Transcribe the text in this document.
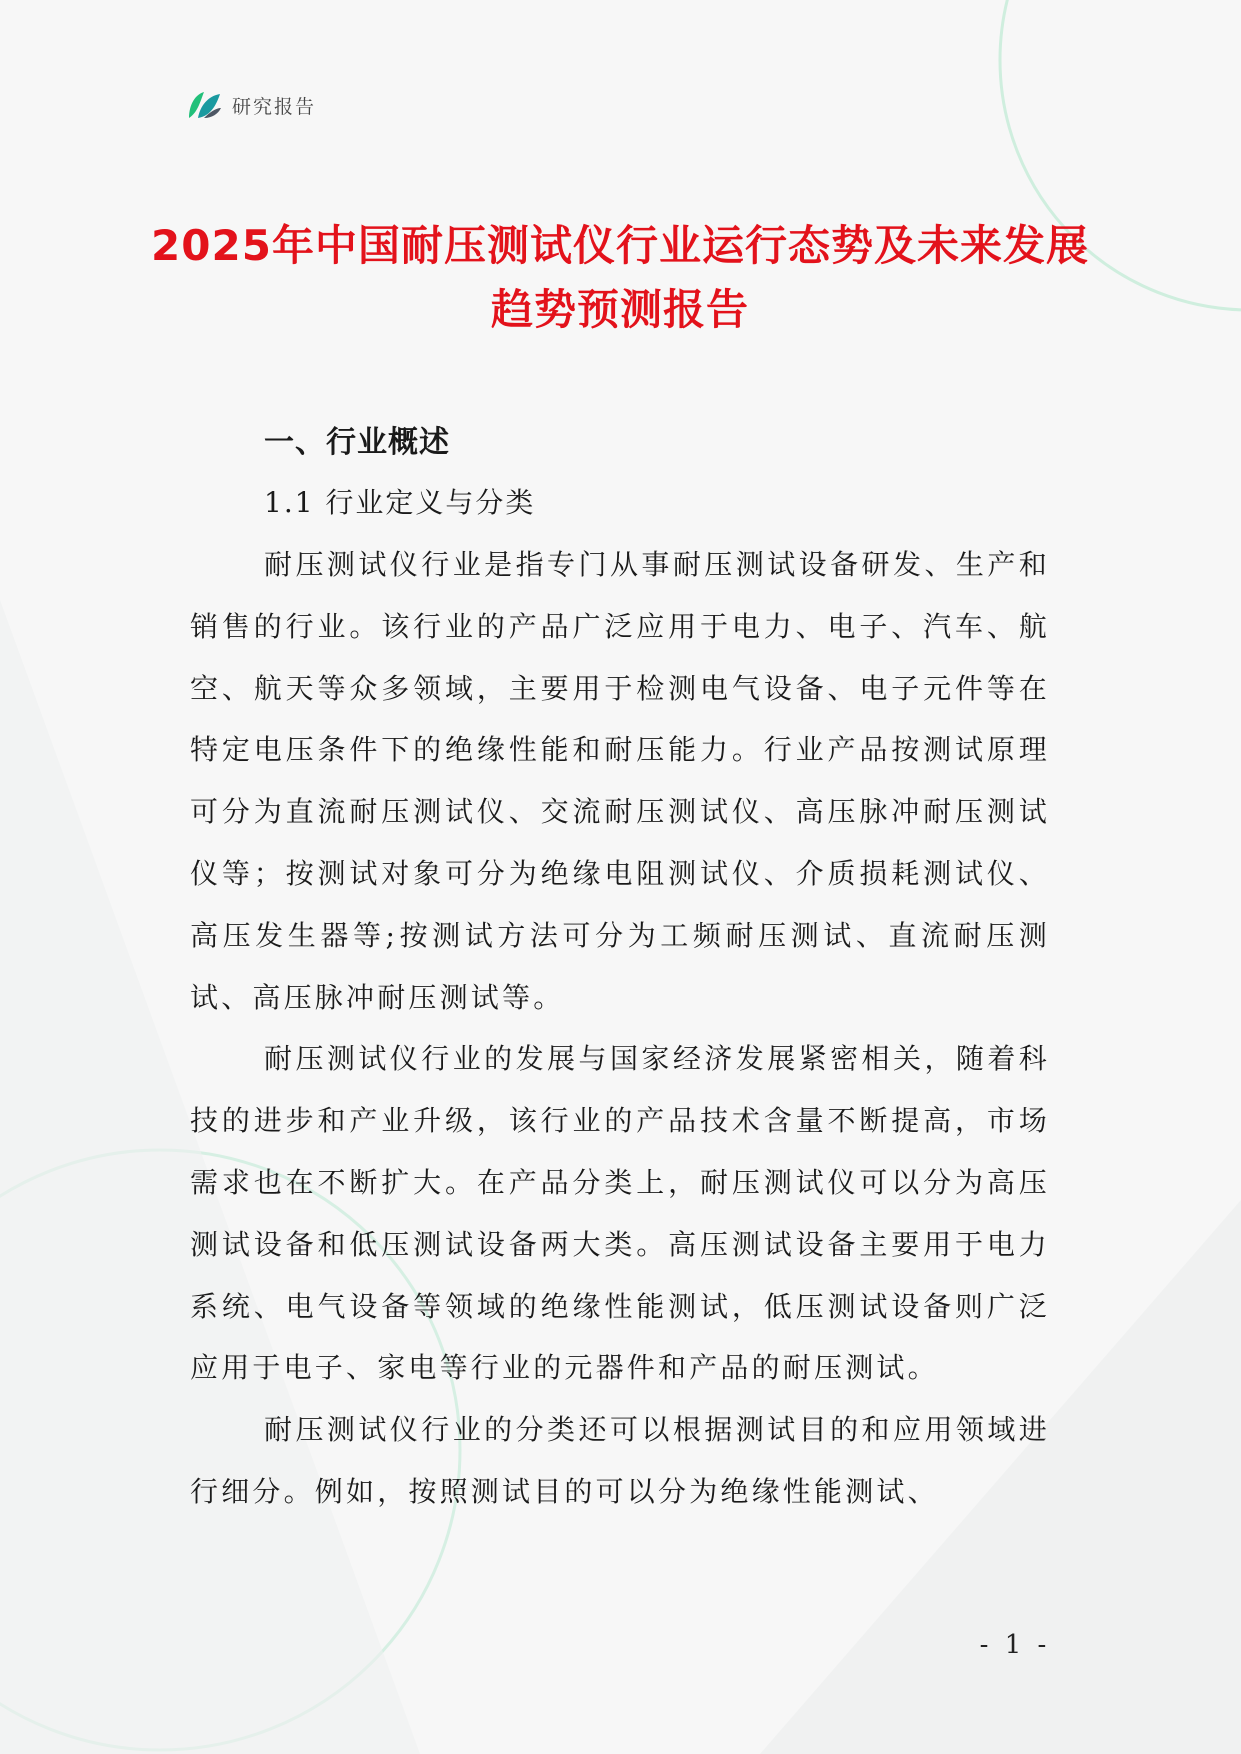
研究报告
2025年中国耐压测试仪行业运行态势及未来发展趋势预测报告
一、行业概述
1.1 行业定义与分类

耐压测试仪行业是指专门从事耐压测试设备研发、生产和销售的行业。该行业的产品广泛应用于电力、电子、汽车、航空、航天等众多领域，主要用于检测电气设备、电子元件等在特定电压条件下的绝缘性能和耐压能力。行业产品按测试原理可分为直流耐压测试仪、交流耐压测试仪、高压脉冲耐压测试仪等；按测试对象可分为绝缘电阻测试仪、介质损耗测试仪、高压发生器等;按测试方法可分为工频耐压测试、直流耐压测试、高压脉冲耐压测试等。

耐压测试仪行业的发展与国家经济发展紧密相关，随着科技的进步和产业升级，该行业的产品技术含量不断提高，市场需求也在不断扩大。在产品分类上，耐压测试仪可以分为高压测试设备和低压测试设备两大类。高压测试设备主要用于电力系统、电气设备等领域的绝缘性能测试，低压测试设备则广泛应用于电子、家电等行业的元器件和产品的耐压测试。

耐压测试仪行业的分类还可以根据测试目的和应用领域进行细分。例如，按照测试目的可以分为绝缘性能测试、

- 1 -
